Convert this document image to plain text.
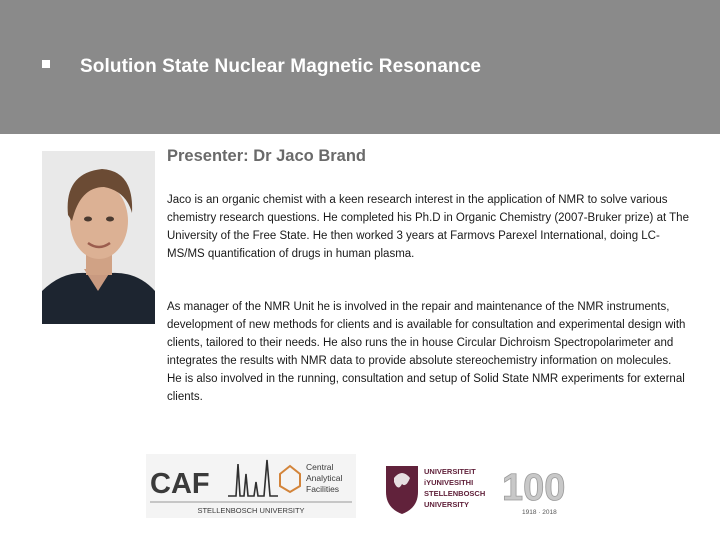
Solution State Nuclear Magnetic Resonance
Presenter: Dr Jaco Brand
Jaco is an organic chemist with a keen research interest in the application of NMR to solve various chemistry research questions. He completed his Ph.D in Organic Chemistry (2007-Bruker prize) at The University of the Free State. He then worked 3 years at Farmovs Parexel International, doing LC-MS/MS quantification of drugs in human plasma.
As manager of the NMR Unit he is involved in the repair and maintenance of the NMR instruments, development of new methods for clients and is available for consultation and experimental design with clients, tailored to their needs. He also runs the in house Circular Dichroism Spectropolarimeter and integrates the results with NMR data to provide absolute stereochemistry information on molecules. He is also involved in the running, consultation and setup of Solid State NMR experiments for external clients.
CAF
Central
Analytical
Facilities
STELLENBOSCH UNIVERSITY
UNIVERSITEIT
iYUNIVESITHI
STELLENBOSCH
UNIVERSITY 100
1918 · 2018
